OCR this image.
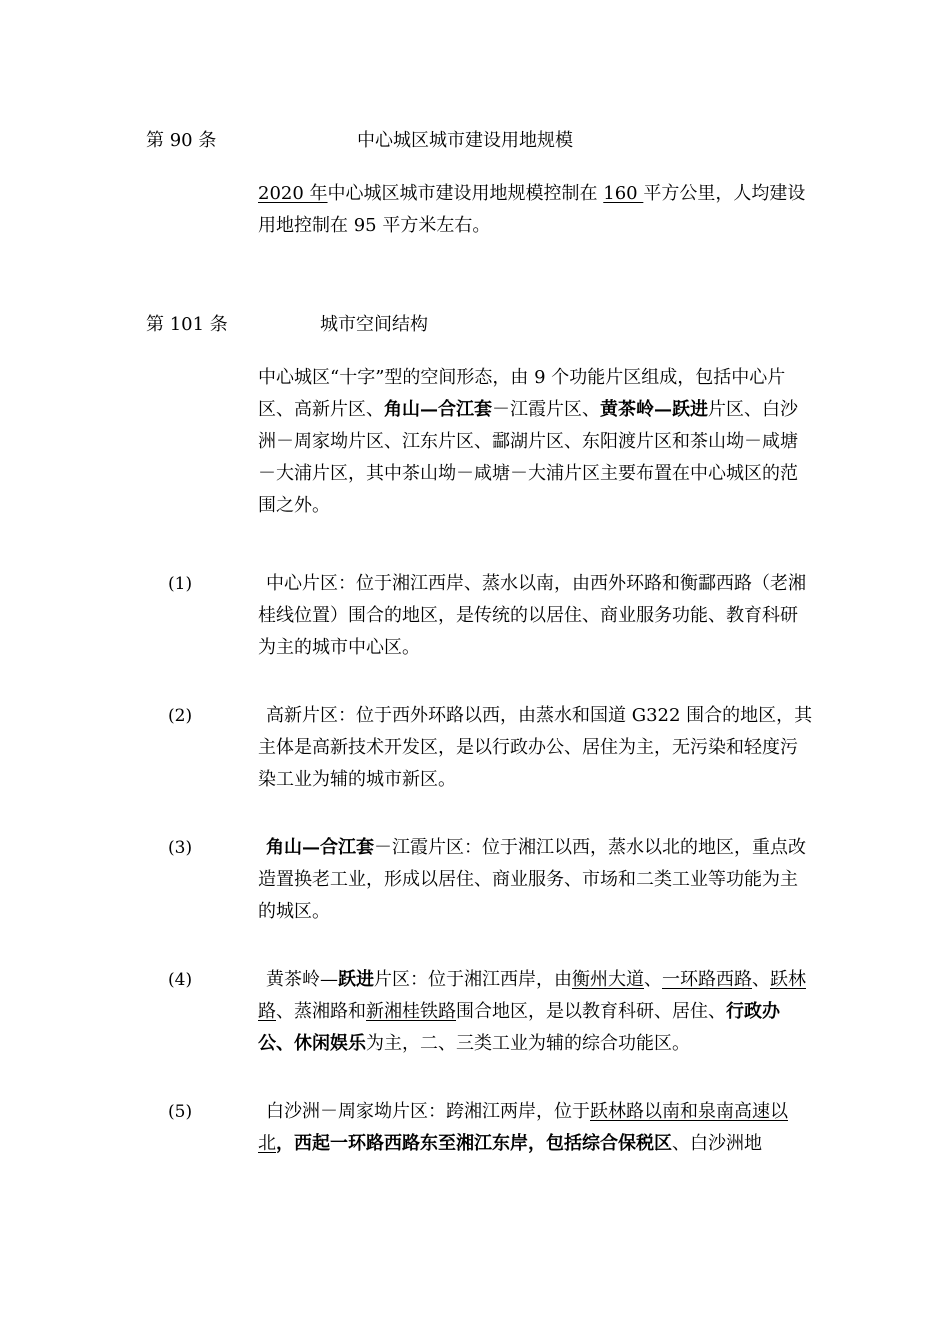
第 90 条	中心城区城市建设用地规模
2020 年中心城区城市建设用地规模控制在 160 平方公里，人均建设用地控制在 95 平方米左右。
第 101 条	城市空间结构
中心城区“十字”型的空间形态，由 9 个功能片区组成，包括中心片区、高新片区、角山—合江套－江霞片区、黄茶岭—跃进片区、白沙洲－周家坳片区、江东片区、酃湖片区、东阳渡片区和茶山坳－咸塘－大浦片区，其中茶山坳－咸塘－大浦片区主要布置在中心城区的范围之外。
(1)	中心片区：位于湘江西岸、蒸水以南，由西外环路和衡酃西路（老湘桂线位置）围合的地区，是传统的以居住、商业服务功能、教育科研为主的城市中心区。
(2)	高新片区：位于西外环路以西，由蒸水和国道 G322 围合的地区，其主体是高新技术开发区，是以行政办公、居住为主，无污染和轻度污染工业为辅的城市新区。
(3)	角山—合江套－江霞片区：位于湘江以西，蒸水以北的地区，重点改造置换老工业，形成以居住、商业服务、市场和二类工业等功能为主的城区。
(4)	黄茶岭—跃进片区：位于湘江西岸，由衡州大道、一环路西路、跃林路、蒸湘路和新湘桂铁路围合地区，是以教育科研、居住、行政办公、休闲娱乐为主，二、三类工业为辅的综合功能区。
(5)	白沙洲－周家坳片区：跨湘江两岸，位于跃林路以南和泉南高速以北，西起一环路西路东至湘江东岸，包括综合保税区、白沙洲地
